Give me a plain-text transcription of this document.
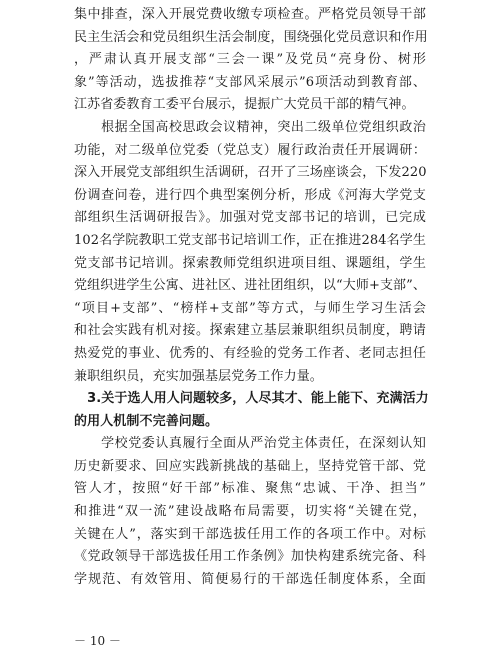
集中排查，深入开展党费收缴专项检查。严格党员领导干部
民主生活会和党员组织生活会制度，围绕强化党员意识和作用
，严肃认真开展支部“三会一课”及党员“亮身份、树形
象”等活动，选拔推荐“支部风采展示”6项活动到教育部、
江苏省委教育工委平台展示，提振广大党员干部的精气神。
　　根据全国高校思政会议精神，突出二级单位党组织政治
功能，对二级单位党委（党总支）履行政治责任开展调研：
深入开展党支部组织生活调研，召开了三场座谈会，下发220
份调查问卷，进行四个典型案例分析，形成《河海大学党支
部组织生活调研报告》。加强对党支部书记的培训，已完成
102名学院教职工党支部书记培训工作，正在推进284名学生
党支部书记培训。探索教师党组织进项目组、课题组，学生
党组织进学生公寓、进社区、进社团组织，以“大师+支部”、
“项目+支部”、“榜样+支部”等方式，与师生学习生活会
和社会实践有机对接。探索建立基层兼职组织员制度，聘请
热爱党的事业、优秀的、有经验的党务工作者、老同志担任
兼职组织员，充实加强基层党务工作力量。
　3.关于选人用人问题较多，人尽其才、能上能下、充满活力
的用人机制不完善问题。
　　学校党委认真履行全面从严治党主体责任，在深刻认知
历史新要求、回应实践新挑战的基础上，坚持党管干部、党
管人才，按照“好干部”标准、聚焦“忠诚、干净、担当”
和推进“双一流”建设战略布局需要，切实将“关键在党，
关键在人”，落实到干部选拔任用工作的各项工作中。对标
《党政领导干部选拔任用工作条例》加快构建系统完备、科
学规范、有效管用、简便易行的干部选任制度体系，全面
－ 10 －
